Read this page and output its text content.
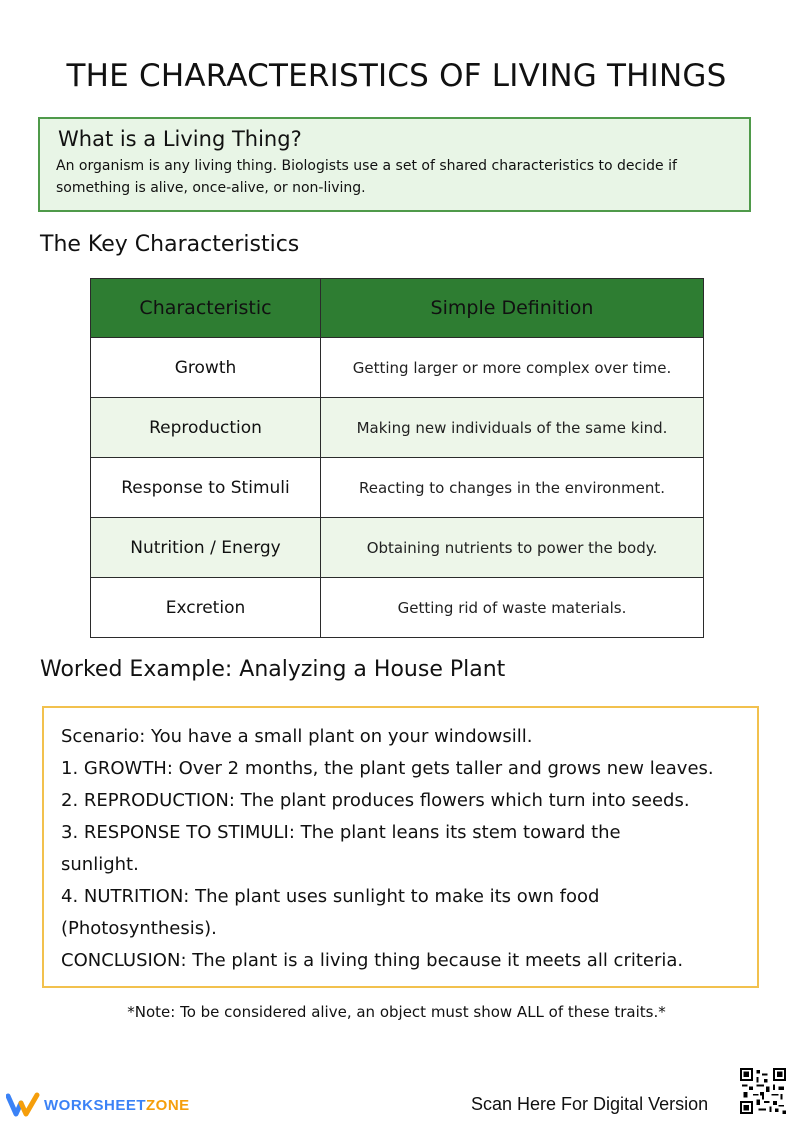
THE CHARACTERISTICS OF LIVING THINGS
What is a Living Thing?
An organism is any living thing. Biologists use a set of shared characteristics to decide if
something is alive, once-alive, or non-living.
The Key Characteristics
Characteristic	Simple Definition
Growth	Getting larger or more complex over time.
Reproduction	Making new individuals of the same kind.
Response to Stimuli	Reacting to changes in the environment.
Nutrition / Energy	Obtaining nutrients to power the body.
Excretion	Getting rid of waste materials.
Worked Example: Analyzing a House Plant
Scenario: You have a small plant on your windowsill.
1. GROWTH: Over 2 months, the plant gets taller and grows new leaves.
2. REPRODUCTION: The plant produces flowers which turn into seeds.
3. RESPONSE TO STIMULI: The plant leans its stem toward the
sunlight.
4. NUTRITION: The plant uses sunlight to make its own food
(Photosynthesis).
CONCLUSION: The plant is a living thing because it meets all criteria.
*Note: To be considered alive, an object must show ALL of these traits.*
WORKSHEETZONE	Scan Here For Digital Version
